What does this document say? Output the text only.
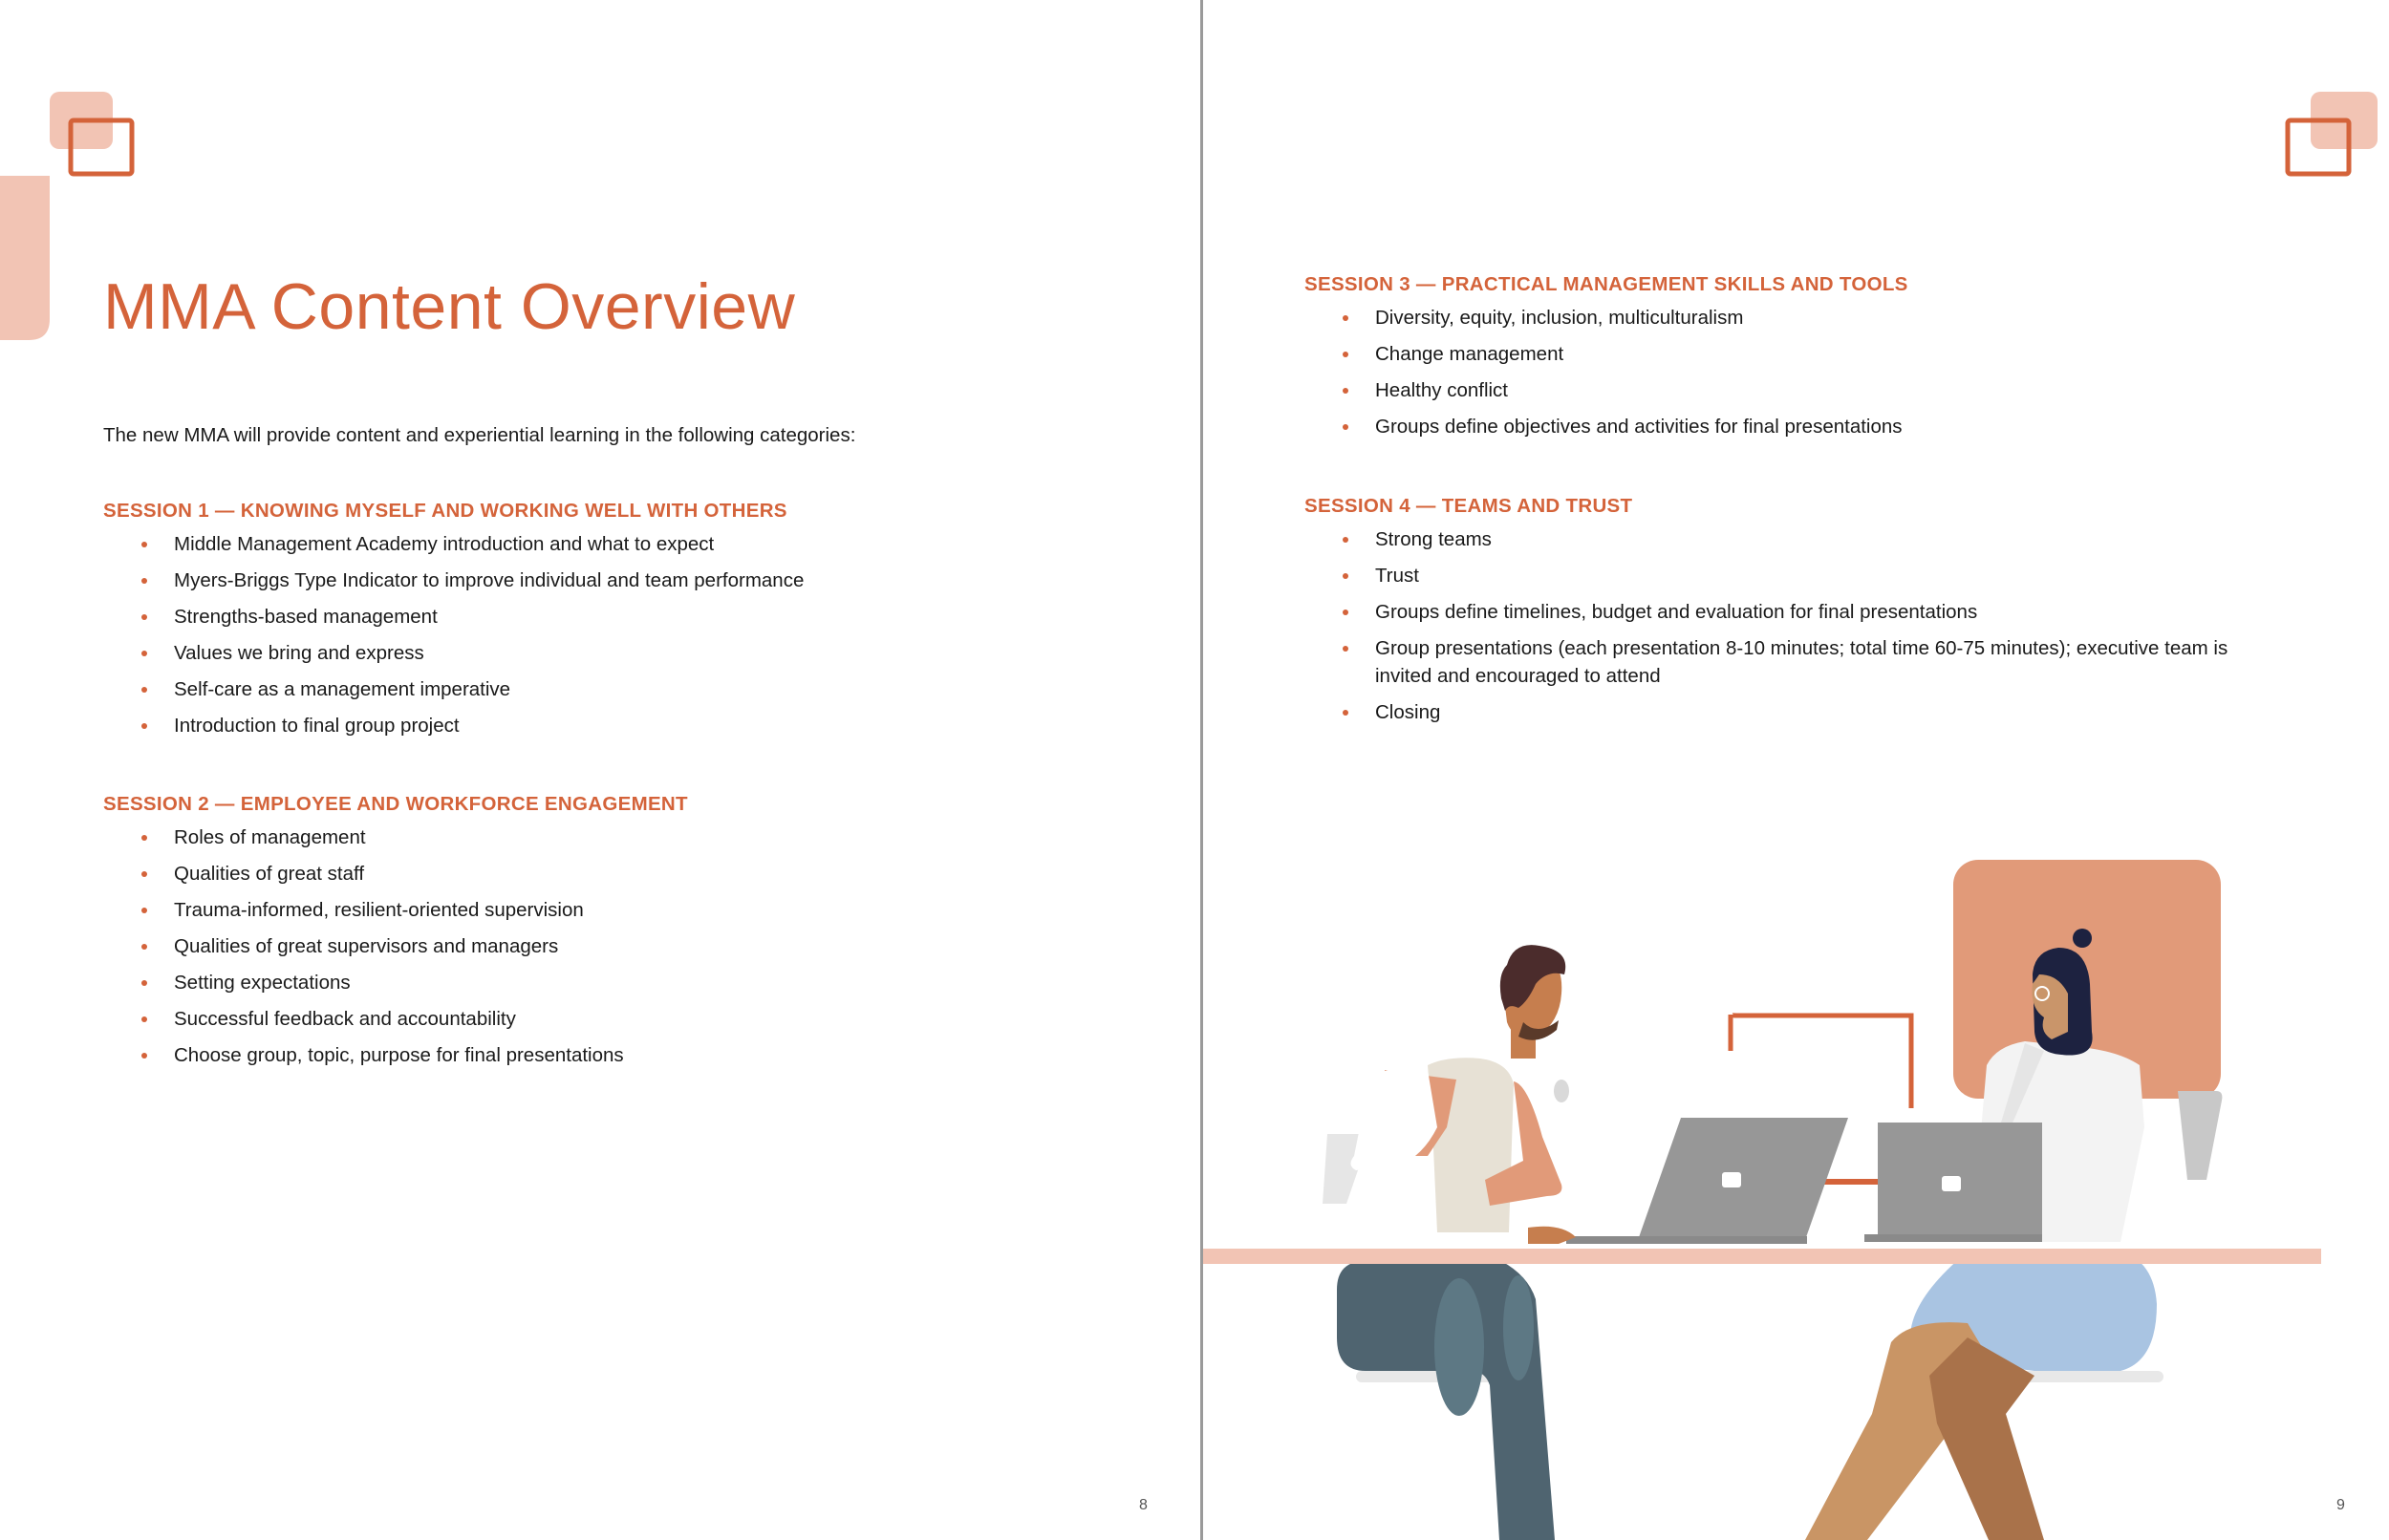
MMA Content Overview

The new MMA will provide content and experiential learning in the following categories:

SESSION 1 — KNOWING MYSELF AND WORKING WELL WITH OTHERS
Middle Management Academy introduction and what to expect
Myers-Briggs Type Indicator to improve individual and team performance
Strengths-based management
Values we bring and express
Self-care as a management imperative
Introduction to final group project
SESSION 2 — EMPLOYEE AND WORKFORCE ENGAGEMENT
Roles of management
Qualities of great staff
Trauma-informed, resilient-oriented supervision
Qualities of great supervisors and managers
Setting expectations
Successful feedback and accountability
Choose group, topic, purpose for final presentations
8
SESSION 3 — PRACTICAL MANAGEMENT SKILLS AND TOOLS
Diversity, equity, inclusion, multiculturalism
Change management
Healthy conflict
Groups define objectives and activities for final presentations
SESSION 4 — TEAMS AND TRUST
Strong teams
Trust
Groups define timelines, budget and evaluation for final presentations
Group presentations (each presentation 8-10 minutes; total time 60-75 minutes); executive team is invited and encouraged to attend
Closing
9
